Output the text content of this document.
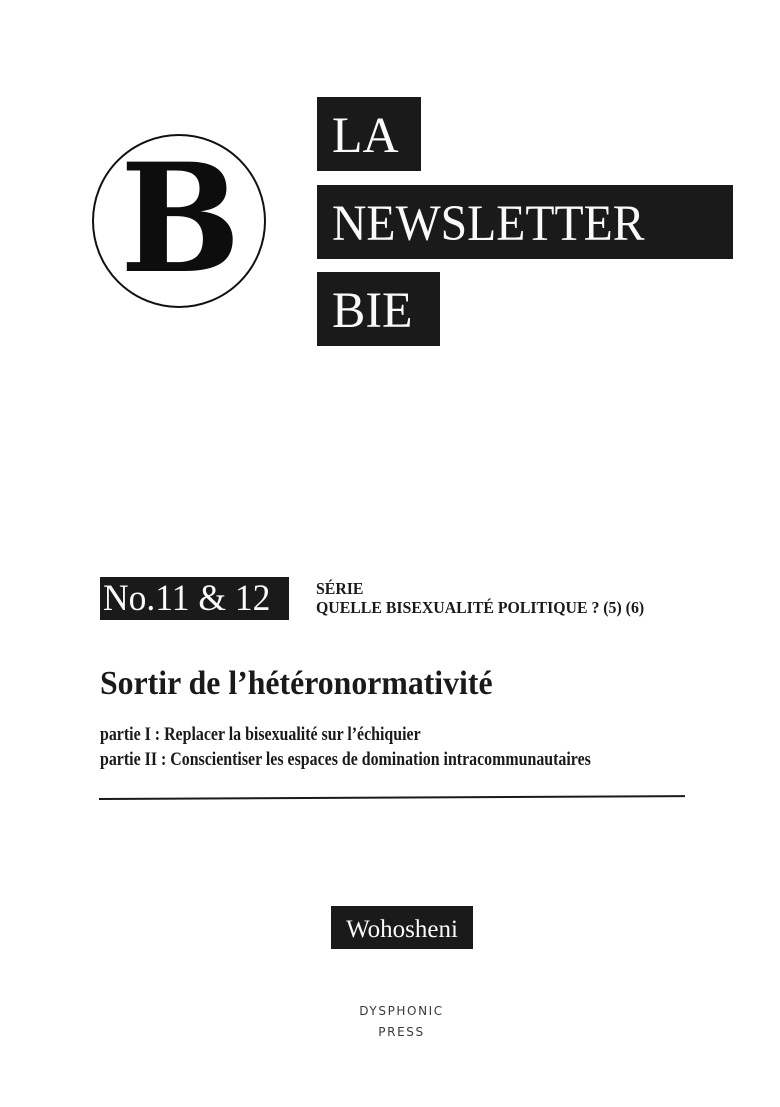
B LA
NEWSLETTER
BIE
No.11 & 12	SÉRIE
QUELLE BISEXUALITÉ POLITIQUE ? (5) (6)
Sortir de l’hétéronormativité
partie I : Replacer la bisexualité sur l’échiquier
partie II : Conscientiser les espaces de domination intracommunautaires
Wohosheni
DYSPHONIC
PRESS
